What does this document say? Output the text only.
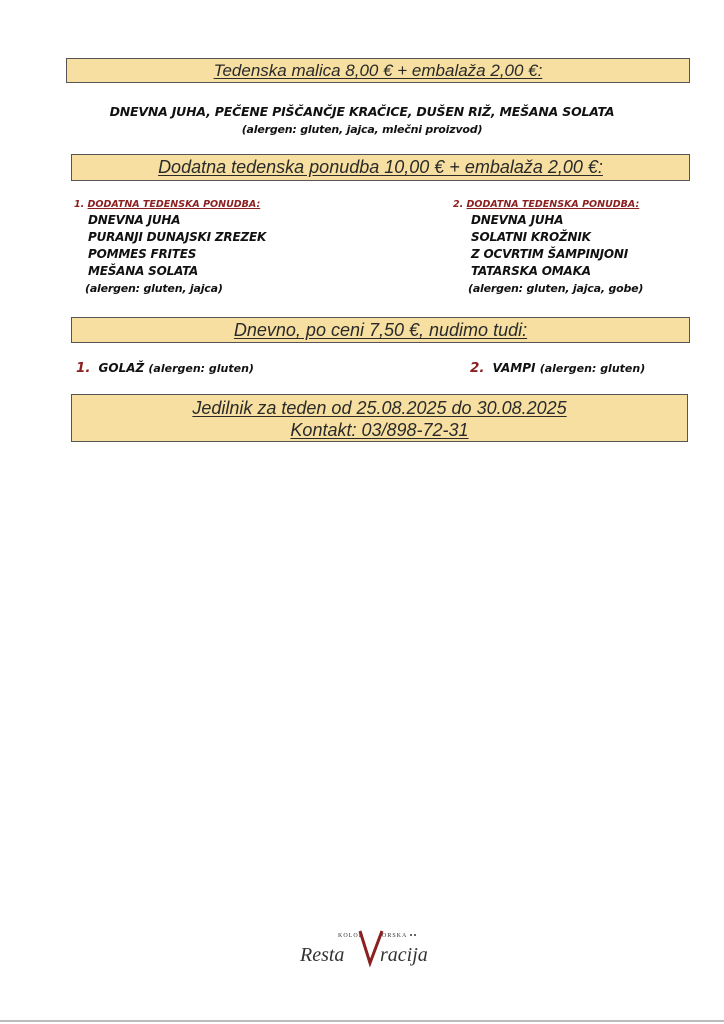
Tedenska malica 8,00 € + embalaža 2,00 €:
DNEVNA JUHA, PEČENE PIŠČANČJE KRAČICE, DUŠEN RIŽ, MEŠANA SOLATA
(alergen: gluten, jajca, mlečni proizvod)
Dodatna tedenska ponudba 10,00 € + embalaža 2,00 €:
1. DODATNA TEDENSKA PONUDBA:
DNEVNA JUHA
PURANJI DUNAJSKI ZREZEK
POMMES FRITES
MEŠANA SOLATA
(alergen: gluten, jajca)
2. DODATNA TEDENSKA PONUDBA:
DNEVNA JUHA
SOLATNI KROŽNIK
Z OCVRTIM ŠAMPINJONI
TATARSKA OMAKA
(alergen: gluten, jajca, gobe)
Dnevno, po ceni 7,50 €, nudimo tudi:
1. GOLAŽ (alergen: gluten)	2. VAMPI (alergen: gluten)
Jedilnik za teden od 25.08.2025 do 30.08.2025
Kontakt: 03/898-72-31
KOLOD	ORSKA
Resta racija
